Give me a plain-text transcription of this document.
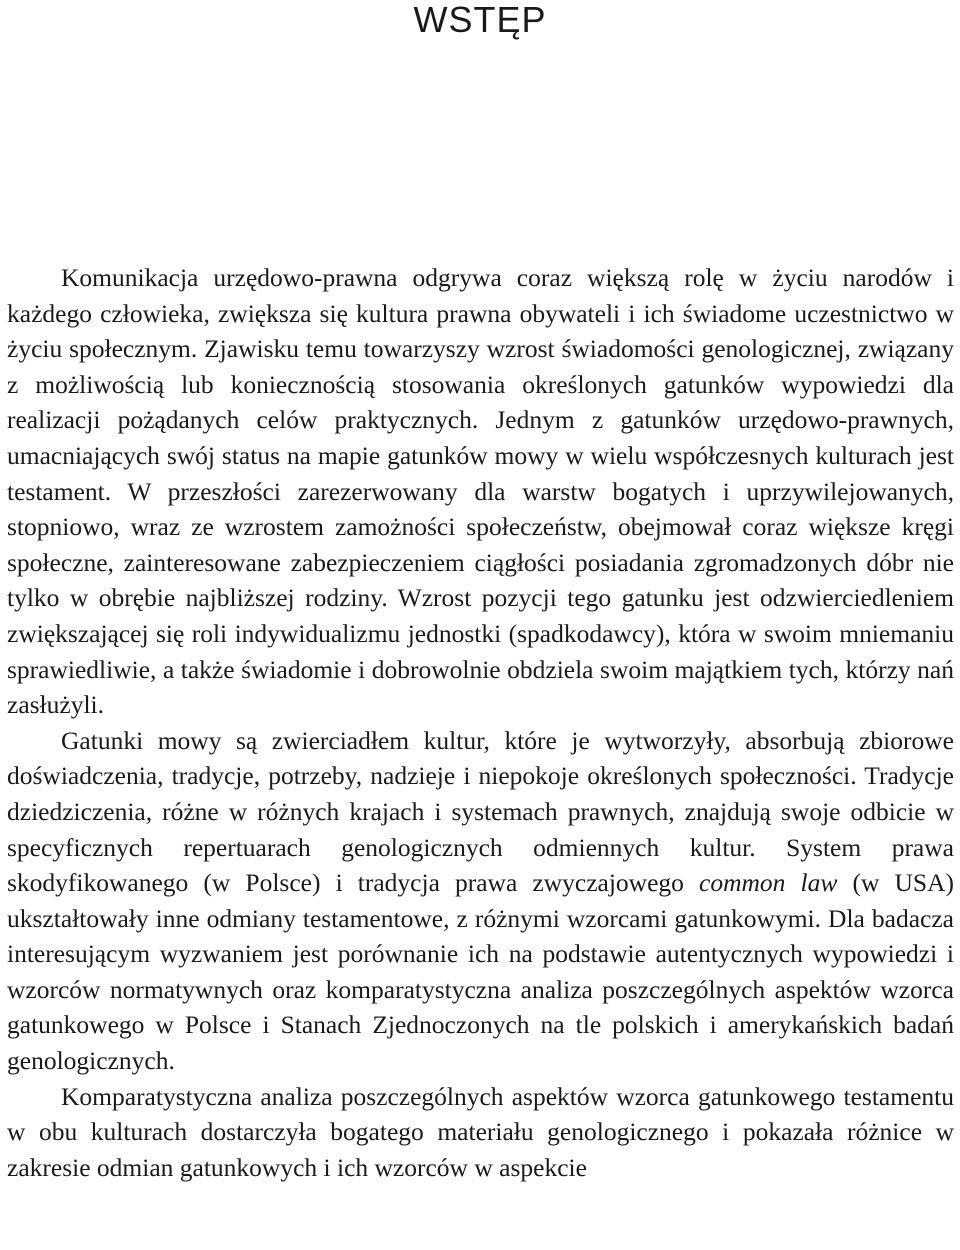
WSTĘP

Komunikacja urzędowo-prawna odgrywa coraz większą rolę w życiu narodów i każdego człowieka, zwiększa się kultura prawna obywateli i ich świadome uczestnictwo w życiu społecznym. Zjawisku temu towarzyszy wzrost świadomości genologicznej, związany z możliwością lub koniecznością stosowania określonych gatunków wypowiedzi dla realizacji pożądanych celów praktycznych. Jednym z gatunków urzędowo-prawnych, umacniających swój status na mapie gatunków mowy w wielu współczesnych kulturach jest testament. W przeszłości zarezerwowany dla warstw bogatych i uprzywilejowanych, stopniowo, wraz ze wzrostem zamożności społeczeństw, obejmował coraz większe kręgi społeczne, zainteresowane zabezpieczeniem ciągłości posiadania zgromadzonych dóbr nie tylko w obrębie najbliższej rodziny. Wzrost pozycji tego gatunku jest odzwierciedleniem zwiększającej się roli indywidualizmu jednostki (spadkodawcy), która w swoim mniemaniu sprawiedliwie, a także świadomie i dobrowolnie obdziela swoim majątkiem tych, którzy nań zasłużyli.

Gatunki mowy są zwierciadłem kultur, które je wytworzyły, absorbują zbiorowe doświadczenia, tradycje, potrzeby, nadzieje i niepokoje określonych społeczności. Tradycje dziedziczenia, różne w różnych krajach i systemach prawnych, znajdują swoje odbicie w specyficznych repertuarach genologicznych odmiennych kultur. System prawa skodyfikowanego (w Polsce) i tradycja prawa zwyczajowego common law (w USA) ukształtowały inne odmiany testamentowe, z różnymi wzorcami gatunkowymi. Dla badacza interesującym wyzwaniem jest porównanie ich na podstawie autentycznych wypowiedzi i wzorców normatywnych oraz komparatystyczna analiza poszczególnych aspektów wzorca gatunkowego w Polsce i Stanach Zjednoczonych na tle polskich i amerykańskich badań genologicznych.

Komparatystyczna analiza poszczególnych aspektów wzorca gatunkowego testamentu w obu kulturach dostarczyła bogatego materiału genologicznego i pokazała różnice w zakresie odmian gatunkowych i ich wzorców w aspekcie
